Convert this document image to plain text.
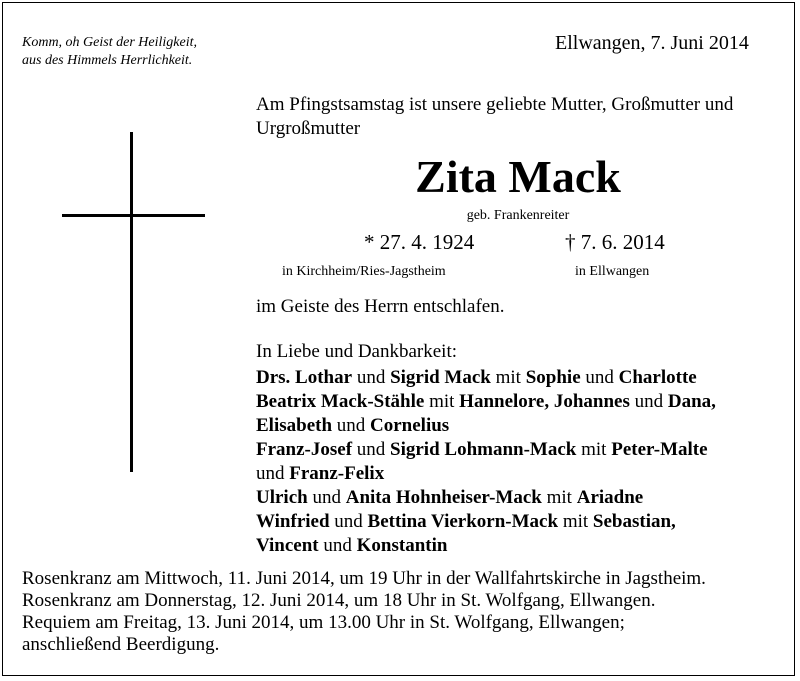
Komm, oh Geist der Heiligkeit,
aus des Himmels Herrlichkeit.
Ellwangen, 7. Juni 2014
Am Pfingstsamstag ist unsere geliebte Mutter, Großmutter und
Urgroßmutter
Zita Mack
geb. Frankenreiter
* 27. 4. 1924	† 7. 6. 2014
in Kirchheim/Ries-Jagstheim	in Ellwangen
im Geiste des Herrn entschlafen.
In Liebe und Dankbarkeit:
Drs. Lothar und Sigrid Mack mit Sophie und Charlotte
Beatrix Mack-Stähle mit Hannelore, Johannes und Dana,
Elisabeth und Cornelius
Franz-Josef und Sigrid Lohmann-Mack mit Peter-Malte
und Franz-Felix
Ulrich und Anita Hohnheiser-Mack mit Ariadne
Winfried und Bettina Vierkorn-Mack mit Sebastian,
Vincent und Konstantin
Rosenkranz am Mittwoch, 11. Juni 2014, um 19 Uhr in der Wallfahrtskirche in Jagstheim.
Rosenkranz am Donnerstag, 12. Juni 2014, um 18 Uhr in St. Wolfgang, Ellwangen.
Requiem am Freitag, 13. Juni 2014, um 13.00 Uhr in St. Wolfgang, Ellwangen;
anschließend Beerdigung.
